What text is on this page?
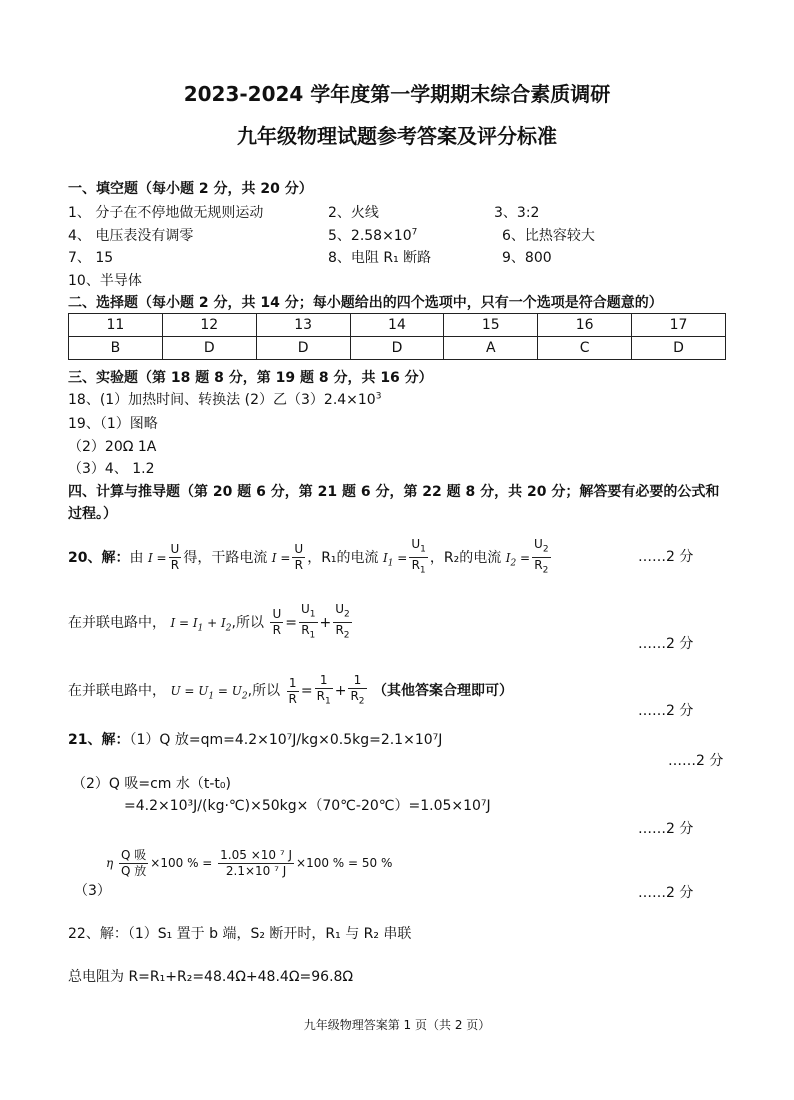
2023-2024 学年度第一学期期末综合素质调研
九年级物理试题参考答案及评分标准
一、填空题（每小题 2 分，共 20 分）
1、 分子在不停地做无规则运动	2、火线	3、3:2
4、 电压表没有调零	5、$2.58\times 10^7$	6、比热容较大
7、 15	8、电阻 R₁ 断路	9、800
10、半导体
二、选择题（每小题 2 分，共 14 分；每小题给出的四个选项中，只有一个选项是符合题意的）
11	12	13	14	15	16	17
B	D	D	D	A	C	D
三、实验题（第 18 题 8 分，第 19 题 8 分，共 16 分）
18、(1）加热时间、转换法 (2）乙$(3)2.4\times 10^3$
19、（1）图略
（2）20Ω 1A
（3）4、 1.2
四、计算与推导题（第 20 题 6 分，第 21 题 6 分，第 22 题 8 分，共 20 分；解答要有必要的公式和
过程。）
20、解：由 $I = \frac{U}{R}$ 得，干路电流 $I = \frac{U}{R}$ ，R₁的电流 $I_1 = \frac{U_1}{R_1}$ ，R₂的电流 $I_2 = \frac{U_2}{R_2}$	……2 分
在并联电路中， $I = I_1 + I_2$,所以 $\frac{U}{R} = \frac{U_1}{R_1} + \frac{U_2}{R_2}$
……2 分
在并联电路中， $U = U_1 = U_2$,所以 $\frac{1}{R} = \frac{1}{R_1} + \frac{1}{R_2}$ （其他答案合理即可）
……2 分
21、解：（1）Q 放=qm=4.2×10⁷J/kg×0.5kg=2.1×10⁷J
……2 分
（2）Q 吸=cm 水（t-t₀)
=4.2×10³J/(kg·℃)×50kg×（70℃-20℃）=1.05×10⁷J
……2 分
（3）
η $\frac{\text{Q 吸}}{\text{Q 放}} \times 100$ % = $\frac{\text{1.05 ×10 ⁷ J}}{\text{2.1×10 ⁷ J}} \times 100$ % = 50 %
……2 分
22、解：（1）S₁ 置于 b 端，S₂ 断开时，R₁ 与 R₂ 串联
总电阻为 R=R₁+R₂=48.4Ω+48.4Ω=96.8Ω
九年级物理答案第 1 页（共 2 页）
